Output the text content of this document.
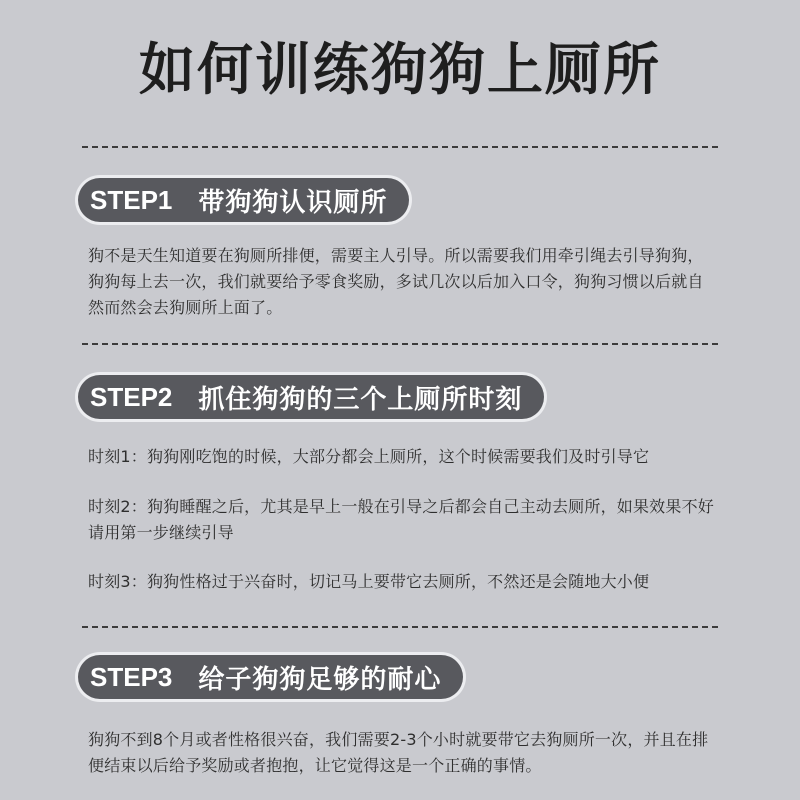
如何训练狗狗上厕所
STEP1 带狗狗认识厕所

狗不是天生知道要在狗厕所排便，需要主人引导。所以需要我们用牵引绳去引导狗狗，狗狗每上去一次，我们就要给予零食奖励，多试几次以后加入口令，狗狗习惯以后就自然而然会去狗厕所上面了。

STEP2 抓住狗狗的三个上厕所时刻

时刻1：狗狗刚吃饱的时候，大部分都会上厕所，这个时候需要我们及时引导它

时刻2：狗狗睡醒之后，尤其是早上一般在引导之后都会自己主动去厕所，如果效果不好请用第一步继续引导

时刻3：狗狗性格过于兴奋时，切记马上要带它去厕所，不然还是会随地大小便

STEP3 给子狗狗足够的耐心

狗狗不到8个月或者性格很兴奋，我们需要2-3个小时就要带它去狗厕所一次，并且在排便结束以后给予奖励或者抱抱，让它觉得这是一个正确的事情。
